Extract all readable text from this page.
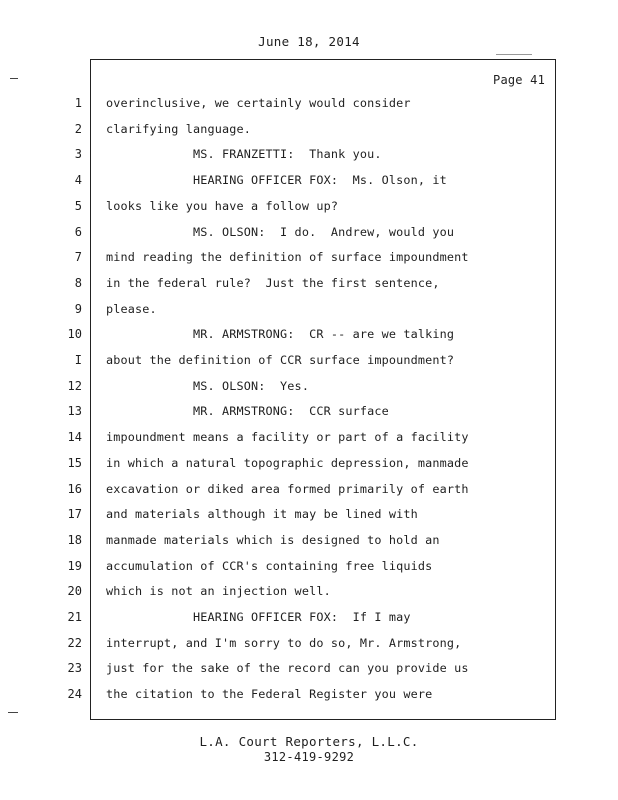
June 18, 2014
Page 41
1 overinclusive, we certainly would consider
2 clarifying language.
3 MS. FRANZETTI:  Thank you.
4 HEARING OFFICER FOX:  Ms. Olson, it
5 looks like you have a follow up?
6 MS. OLSON:  I do.  Andrew, would you
7 mind reading the definition of surface impoundment
8 in the federal rule?  Just the first sentence,
9 please.
10 MR. ARMSTRONG:  CR -- are we talking
I about the definition of CCR surface impoundment?
12 MS. OLSON:  Yes.
13 MR. ARMSTRONG:  CCR surface
14 impoundment means a facility or part of a facility
15 in which a natural topographic depression, manmade
16 excavation or diked area formed primarily of earth
17 and materials although it may be lined with
18 manmade materials which is designed to hold an
19 accumulation of CCR's containing free liquids
20 which is not an injection well.
21 HEARING OFFICER FOX:  If I may
22 interrupt, and I'm sorry to do so, Mr. Armstrong,
23 just for the sake of the record can you provide us
24 the citation to the Federal Register you were
L.A. Court Reporters, L.L.C.
312-419-9292
